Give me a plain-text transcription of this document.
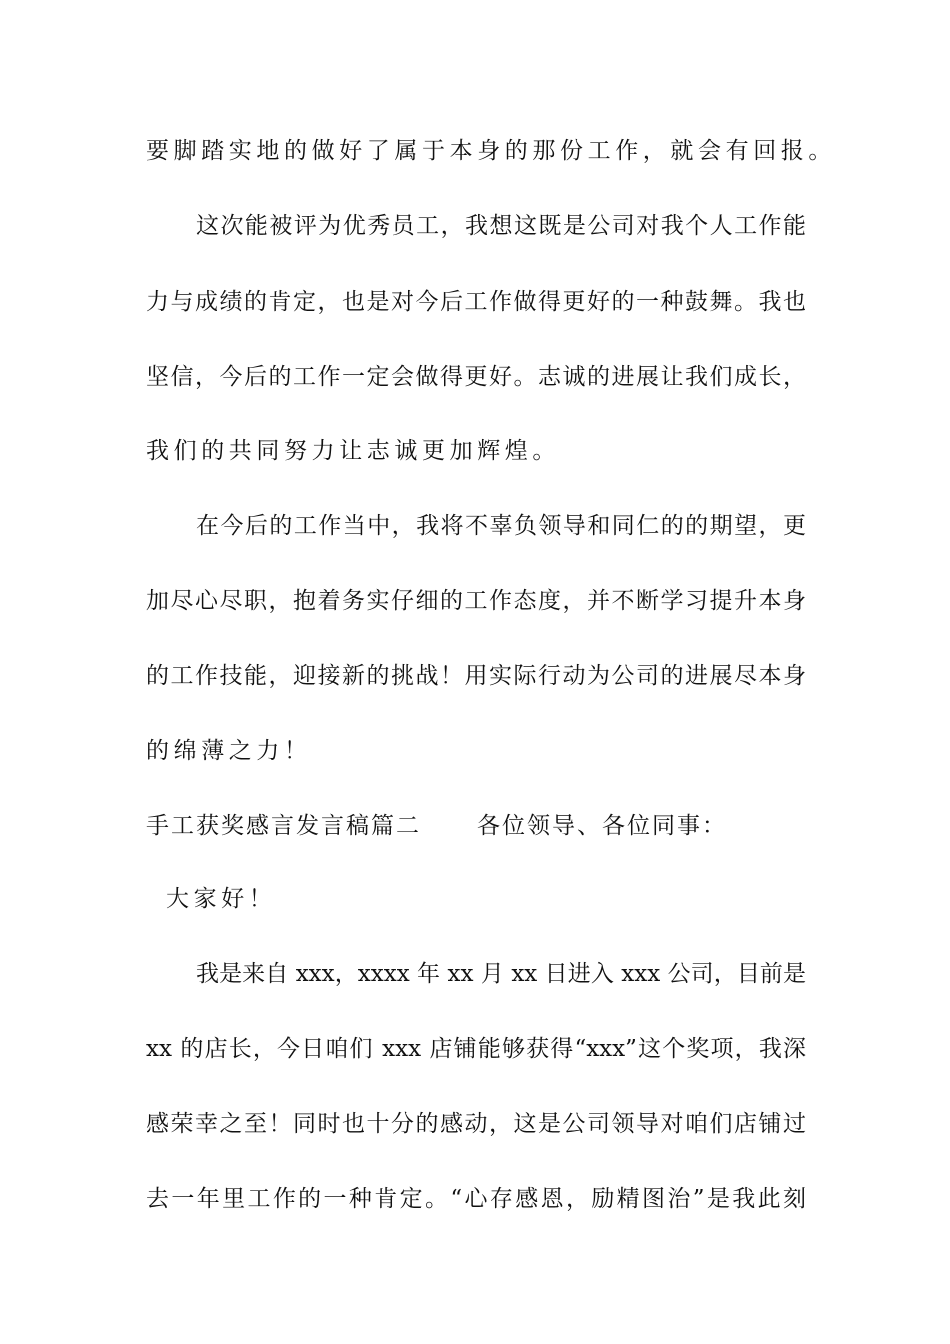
要脚踏实地的做好了属于本身的那份工作，就会有回报。

这次能被评为优秀员工，我想这既是公司对我个人工作能

力与成绩的肯定，也是对今后工作做得更好的一种鼓舞。我也

坚信，今后的工作一定会做得更好。志诚的进展让我们成长，

我们的共同努力让志诚更加辉煌。

在今后的工作当中，我将不辜负领导和同仁的的期望，更

加尽心尽职，抱着务实仔细的工作态度，并不断学习提升本身

的工作技能，迎接新的挑战！用实际行动为公司的进展尽本身

的绵薄之力！

手工获奖感言发言稿篇二 各位领导、各位同事：

大家好！

我是来自 xxx，xxxx 年 xx 月 xx 日进入 xxx 公司，目前是

xx 的店长，今日咱们 xxx 店铺能够获得“xxx”这个奖项，我深

感荣幸之至！同时也十分的感动，这是公司领导对咱们店铺过

去一年里工作的一种肯定。“心存感恩，励精图治”是我此刻
